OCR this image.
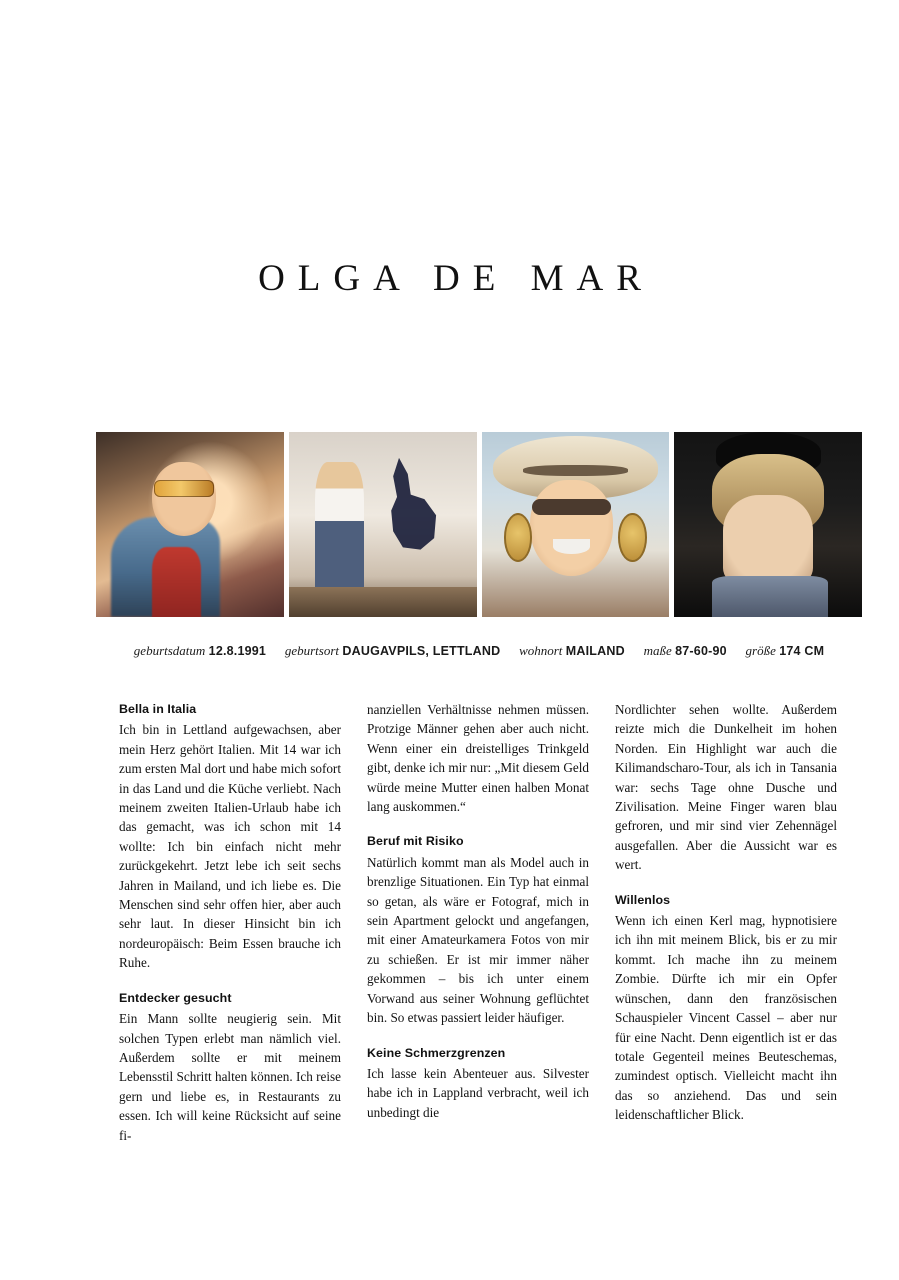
OLGA DE MAR
geburtsdatum 12.8.1991 geburtsort DAUGAVPILS, LETTLAND wohnort MAILAND maße 87-60-90 größe 174 CM
Bella in Italia

Ich bin in Lettland aufgewachsen, aber mein Herz gehört Italien. Mit 14 war ich zum ersten Mal dort und habe mich sofort in das Land und die Küche verliebt. Nach meinem zweiten Italien-Urlaub habe ich das gemacht, was ich schon mit 14 wollte: Ich bin einfach nicht mehr zurückgekehrt. Jetzt lebe ich seit sechs Jahren in Mailand, und ich liebe es. Die Menschen sind sehr offen hier, aber auch sehr laut. In dieser Hinsicht bin ich nordeuropäisch: Beim Essen brauche ich Ruhe.

Entdecker gesucht

Ein Mann sollte neugierig sein. Mit solchen Typen erlebt man nämlich viel. Außerdem sollte er mit meinem Lebensstil Schritt halten können. Ich reise gern und liebe es, in Restaurants zu essen. Ich will keine Rücksicht auf seine fi-

nanziellen Verhältnisse nehmen müssen. Protzige Männer gehen aber auch nicht. Wenn einer ein dreistelliges Trinkgeld gibt, denke ich mir nur: „Mit diesem Geld würde meine Mutter einen halben Monat lang auskommen.“

Beruf mit Risiko

Natürlich kommt man als Model auch in brenzlige Situationen. Ein Typ hat einmal so getan, als wäre er Fotograf, mich in sein Apartment gelockt und angefangen, mit einer Amateurkamera Fotos von mir zu schießen. Er ist mir immer näher gekommen – bis ich unter einem Vorwand aus seiner Wohnung geflüchtet bin. So etwas passiert leider häufiger.

Keine Schmerzgrenzen

Ich lasse kein Abenteuer aus. Silvester habe ich in Lappland verbracht, weil ich unbedingt die

Nordlichter sehen wollte. Außerdem reizte mich die Dunkelheit im hohen Norden. Ein Highlight war auch die Kilimandscharo-Tour, als ich in Tansania war: sechs Tage ohne Dusche und Zivilisation. Meine Finger waren blau gefroren, und mir sind vier Zehennägel ausgefallen. Aber die Aussicht war es wert.

Willenlos

Wenn ich einen Kerl mag, hypnotisiere ich ihn mit meinem Blick, bis er zu mir kommt. Ich mache ihn zu meinem Zombie. Dürfte ich mir ein Opfer wünschen, dann den französischen Schauspieler Vincent Cassel – aber nur für eine Nacht. Denn eigentlich ist er das totale Gegenteil meines Beuteschemas, zumindest optisch. Vielleicht macht ihn das so anziehend. Das und sein leidenschaftlicher Blick.
